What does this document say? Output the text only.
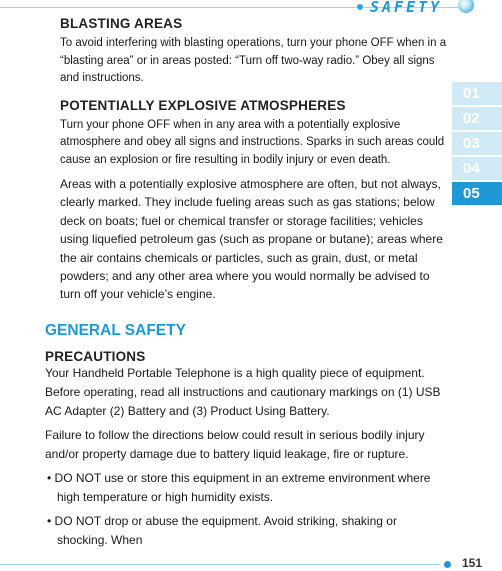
SAFETY
01
02
03
04
05
BLASTING AREAS

To avoid interfering with blasting operations, turn your phone OFF when in a “blasting area” or in areas posted: “Turn off two-way radio.” Obey all signs and instructions.

POTENTIALLY EXPLOSIVE ATMOSPHERES

Turn your phone OFF when in any area with a potentially explosive atmosphere and obey all signs and instructions. Sparks in such areas could cause an explosion or fire resulting in bodily injury or even death.

Areas with a potentially explosive atmosphere are often, but not always, clearly marked. They include fueling areas such as gas stations; below deck on boats; fuel or chemical transfer or storage facilities; vehicles using liquefied petroleum gas (such as propane or butane); areas where the air contains chemicals or particles, such as grain, dust, or metal powders; and any other area where you would normally be advised to turn off your vehicle’s engine.

GENERAL SAFETY
PRECAUTIONS

Your Handheld Portable Telephone is a high quality piece of equipment. Before operating, read all instructions and cautionary markings on (1) USB AC Adapter (2) Battery and (3) Product Using Battery.

Failure to follow the directions below could result in serious bodily injury and/or property damage due to battery liquid leakage, fire or rupture.

• DO NOT use or store this equipment in an extreme environment where high temperature or high humidity exists.

• DO NOT drop or abuse the equipment. Avoid striking, shaking or shocking. When

151
